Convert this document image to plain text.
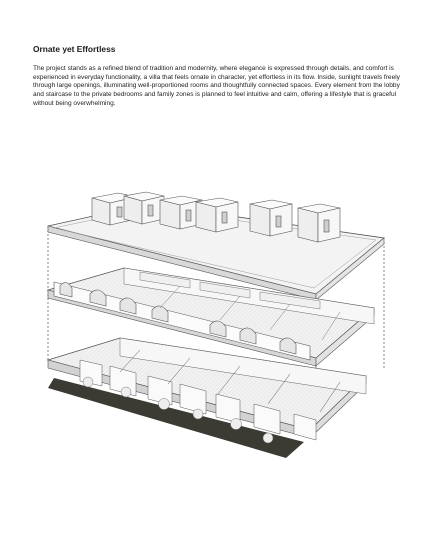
Ornate yet Effortless

The project stands as a refined blend of tradition and modernity, where elegance is expressed through details, and comfort is experienced in everyday functionality, a villa that feels ornate in character, yet effortless in its flow. Inside, sunlight travels freely through large openings, illuminating well-proportioned rooms and thoughtfully connected spaces. Every element from the lobby and staircase to the private bedrooms and family zones is planned to feel intuitive and calm, offering a lifestyle that is graceful without being overwhelming.
